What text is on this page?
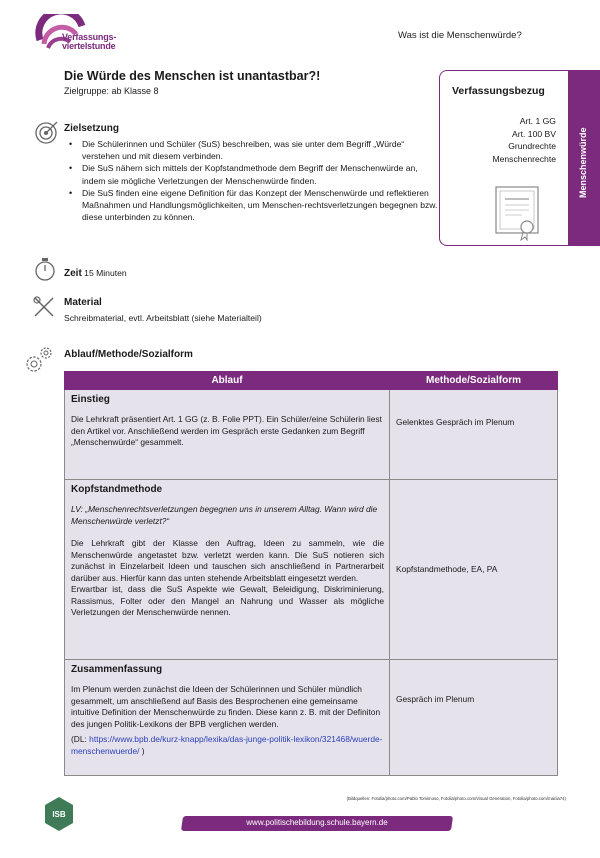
Verfassungs-
viertelstunde
Was ist die Menschenwürde?
Die Würde des Menschen ist unantastbar?!
Zielgruppe: ab Klasse 8	Verfassungsbezug
Art. 1 GG
Art. 100 BV
Grundrechte
Menschenrechte Menschenwürde
Zielsetzung
• Die Schülerinnen und Schüler (SuS) beschreiben, was sie unter dem Begriff „Würde“ verstehen und mit diesem verbinden.
• Die SuS nähern sich mittels der Kopfstandmethode dem Begriff der Menschenwürde an, indem sie mögliche Verletzungen der Menschenwürde finden.
• Die SuS finden eine eigene Definition für das Konzept der Menschenwürde und reflektieren Maßnahmen und Handlungsmöglichkeiten, um Menschen-rechtsverletzungen begegnen bzw. diese unterbinden zu können.
Zeit 15 Minuten
Material
Schreibmaterial, evtl. Arbeitsblatt (siehe Materialteil)
Ablauf/Methode/Sozialform
Ablauf	Methode/Sozialform

Einstieg
Die Lehrkraft präsentiert Art. 1 GG (z. B. Folie PPT). Ein Schüler/eine Schülerin liest den Artikel vor. Anschließend werden im Gespräch erste Gedanken zum Begriff „Menschenwürde“ gesammelt.	Gelenktes Gespräch im Plenum

Kopfstandmethode
LV: „Menschenrechtsverletzungen begegnen uns in unserem Alltag. Wann wird die Menschenwürde verletzt?“
Die Lehrkraft gibt der Klasse den Auftrag, Ideen zu sammeln, wie die Menschenwürde angetastet bzw. verletzt werden kann. Die SuS notieren sich zunächst in Einzelarbeit Ideen und tauschen sich anschließend in Partnerarbeit darüber aus. Hierfür kann das unten stehende Arbeitsblatt eingesetzt werden.
Erwartbar ist, dass die SuS Aspekte wie Gewalt, Beleidigung, Diskriminierung, Rassismus, Folter oder den Mangel an Nahrung und Wasser als mögliche Verletzungen der Menschenwürde nennen.	Kopfstandmethode, EA, PA

Zusammenfassung
Im Plenum werden zunächst die Ideen der Schülerinnen und Schüler mündlich gesammelt, um anschließend auf Basis des Besprochenen eine gemeinsame intuitive Definition der Menschenwürde zu finden. Diese kann z. B. mit der Definiton des jungen Politik-Lexikons der BPB verglichen werden.
(DL: https://www.bpb.de/kurz-knapp/lexika/das-junge-politik-lexikon/321468/wuerde-menschenwuerde/ )	Gespräch im Plenum
ISB
(Bildquellen: Fotolia/photo.com/Pablo Tomimoso, Fotolia/photo.com/Visual Generation, Fotolia/photo.com/mariia74)
www.politischebildung.schule.bayern.de
